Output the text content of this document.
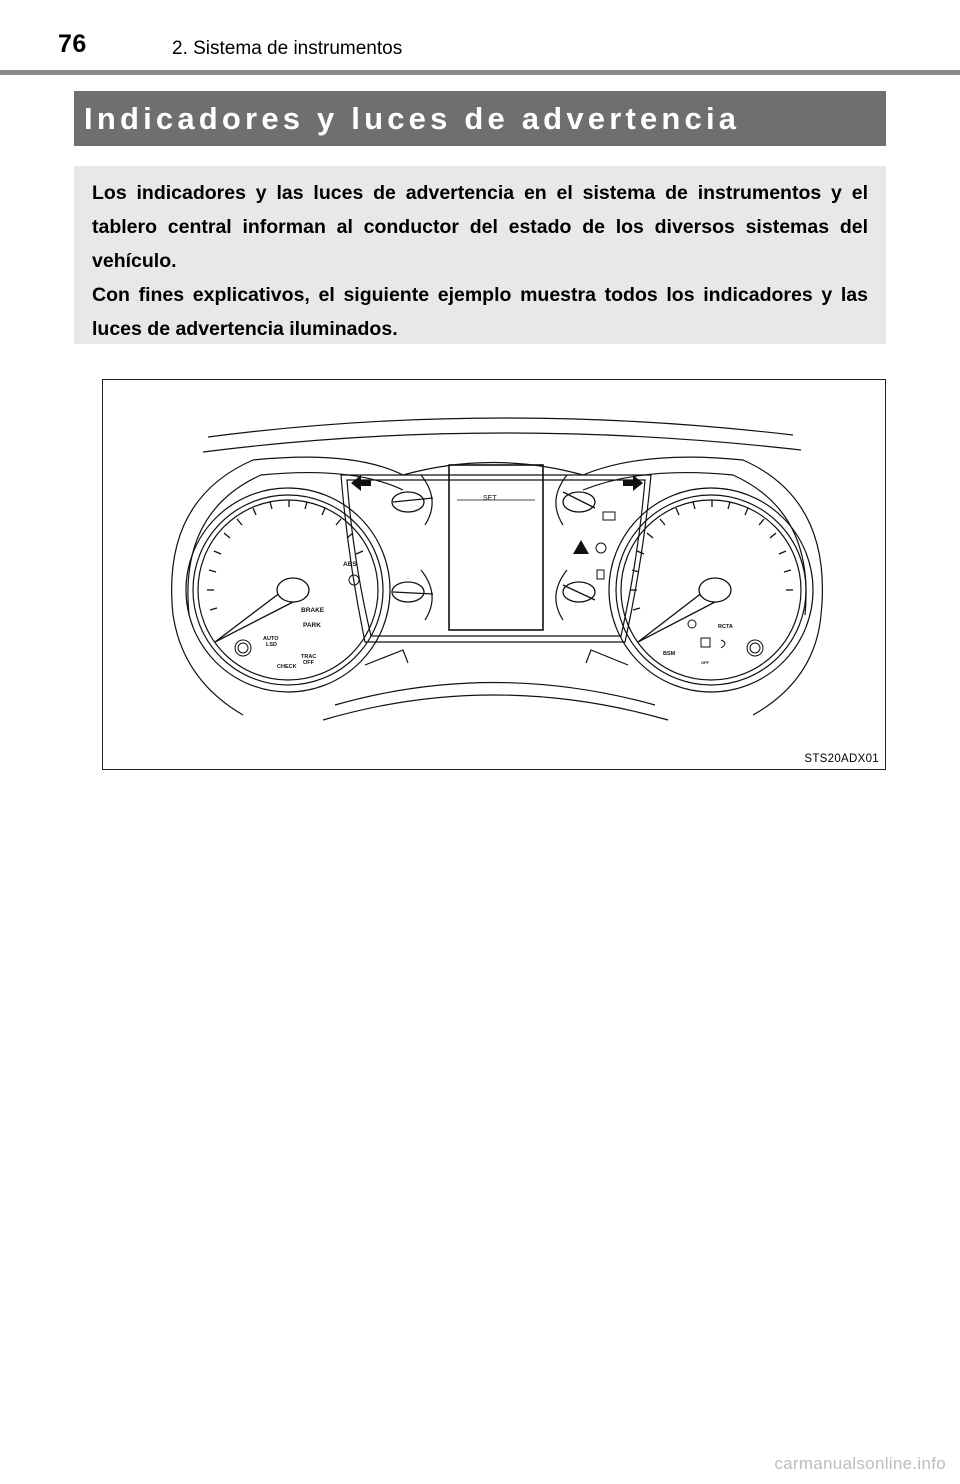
76	2. Sistema de instrumentos
Indicadores y luces de advertencia

Los indicadores y las luces de advertencia en el sistema de instrumentos y el tablero central informan al conductor del estado de los diversos sistemas del vehículo.

Con fines explicativos, el siguiente ejemplo muestra todos los indicadores y las luces de advertencia iluminados.

ABS
BRAKE
PARK
AUTO
LSD
CHECK
TRAC
OFF
SET
RCTA
BSM
OFF
STS20ADX01
carmanualsonline.info
